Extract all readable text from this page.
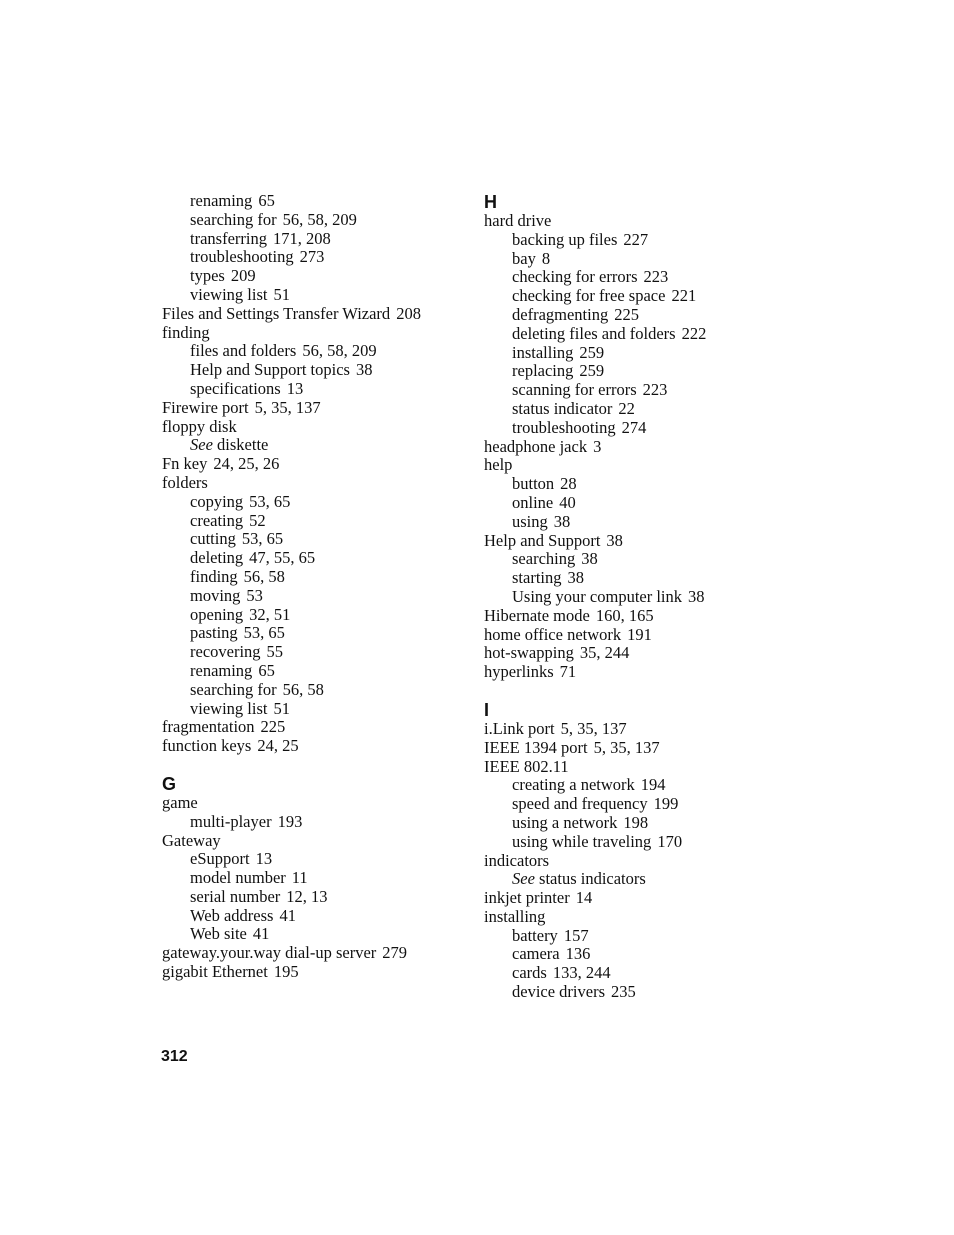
renaming 65
searching for 56, 58, 209
transferring 171, 208
troubleshooting 273
types 209
viewing list 51
Files and Settings Transfer Wizard 208
finding
files and folders 56, 58, 209
Help and Support topics 38
specifications 13
Firewire port 5, 35, 137
floppy disk
See diskette
Fn key 24, 25, 26
folders
copying 53, 65
creating 52
cutting 53, 65
deleting 47, 55, 65
finding 56, 58
moving 53
opening 32, 51
pasting 53, 65
recovering 55
renaming 65
searching for 56, 58
viewing list 51
fragmentation 225
function keys 24, 25
G
game
multi-player 193
Gateway
eSupport 13
model number 11
serial number 12, 13
Web address 41
Web site 41
gateway.your.way dial-up server 279
gigabit Ethernet 195
H
hard drive
backing up files 227
bay 8
checking for errors 223
checking for free space 221
defragmenting 225
deleting files and folders 222
installing 259
replacing 259
scanning for errors 223
status indicator 22
troubleshooting 274
headphone jack 3
help
button 28
online 40
using 38
Help and Support 38
searching 38
starting 38
Using your computer link 38
Hibernate mode 160, 165
home office network 191
hot-swapping 35, 244
hyperlinks 71
I
i.Link port 5, 35, 137
IEEE 1394 port 5, 35, 137
IEEE 802.11
creating a network 194
speed and frequency 199
using a network 198
using while traveling 170
indicators
See status indicators
inkjet printer 14
installing
battery 157
camera 136
cards 133, 244
device drivers 235
312
